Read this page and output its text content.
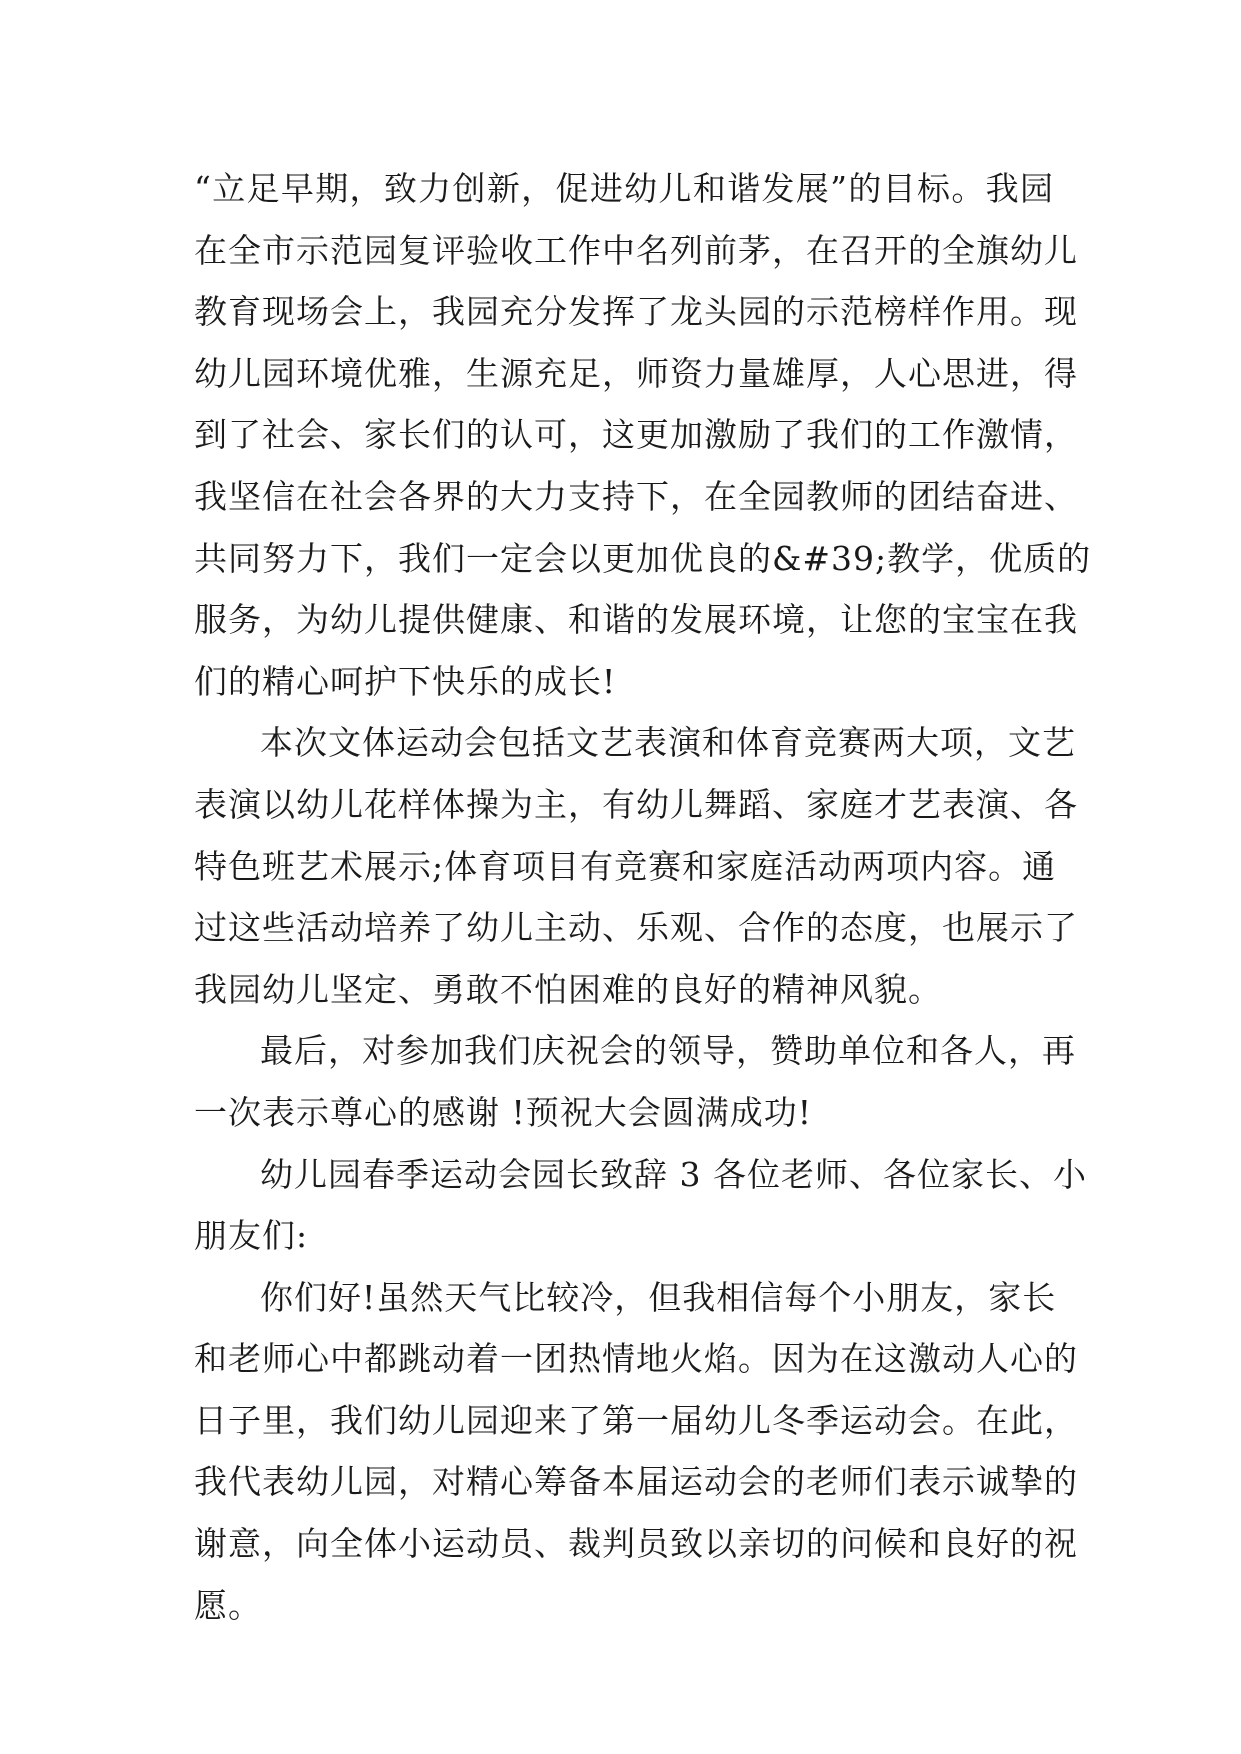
“立足早期，致力创新，促进幼儿和谐发展”的目标。我园
在全市示范园复评验收工作中名列前茅，在召开的全旗幼儿
教育现场会上，我园充分发挥了龙头园的示范榜样作用。现
幼儿园环境优雅，生源充足，师资力量雄厚，人心思进，得
到了社会、家长们的认可，这更加激励了我们的工作激情，
我坚信在社会各界的大力支持下，在全园教师的团结奋进、
共同努力下，我们一定会以更加优良的&#39;教学，优质的
服务，为幼儿提供健康、和谐的发展环境，让您的宝宝在我
们的精心呵护下快乐的成长!
本次文体运动会包括文艺表演和体育竞赛两大项，文艺
表演以幼儿花样体操为主，有幼儿舞蹈、家庭才艺表演、各
特色班艺术展示;体育项目有竞赛和家庭活动两项内容。通
过这些活动培养了幼儿主动、乐观、合作的态度，也展示了
我园幼儿坚定、勇敢不怕困难的良好的精神风貌。
最后，对参加我们庆祝会的领导，赞助单位和各人，再
一次表示尊心的感谢 !预祝大会圆满成功!
幼儿园春季运动会园长致辞 3 各位老师、各位家长、小
朋友们:
你们好!虽然天气比较冷，但我相信每个小朋友，家长
和老师心中都跳动着一团热情地火焰。因为在这激动人心的
日子里，我们幼儿园迎来了第一届幼儿冬季运动会。在此，
我代表幼儿园，对精心筹备本届运动会的老师们表示诚挚的
谢意，向全体小运动员、裁判员致以亲切的问候和良好的祝
愿。
